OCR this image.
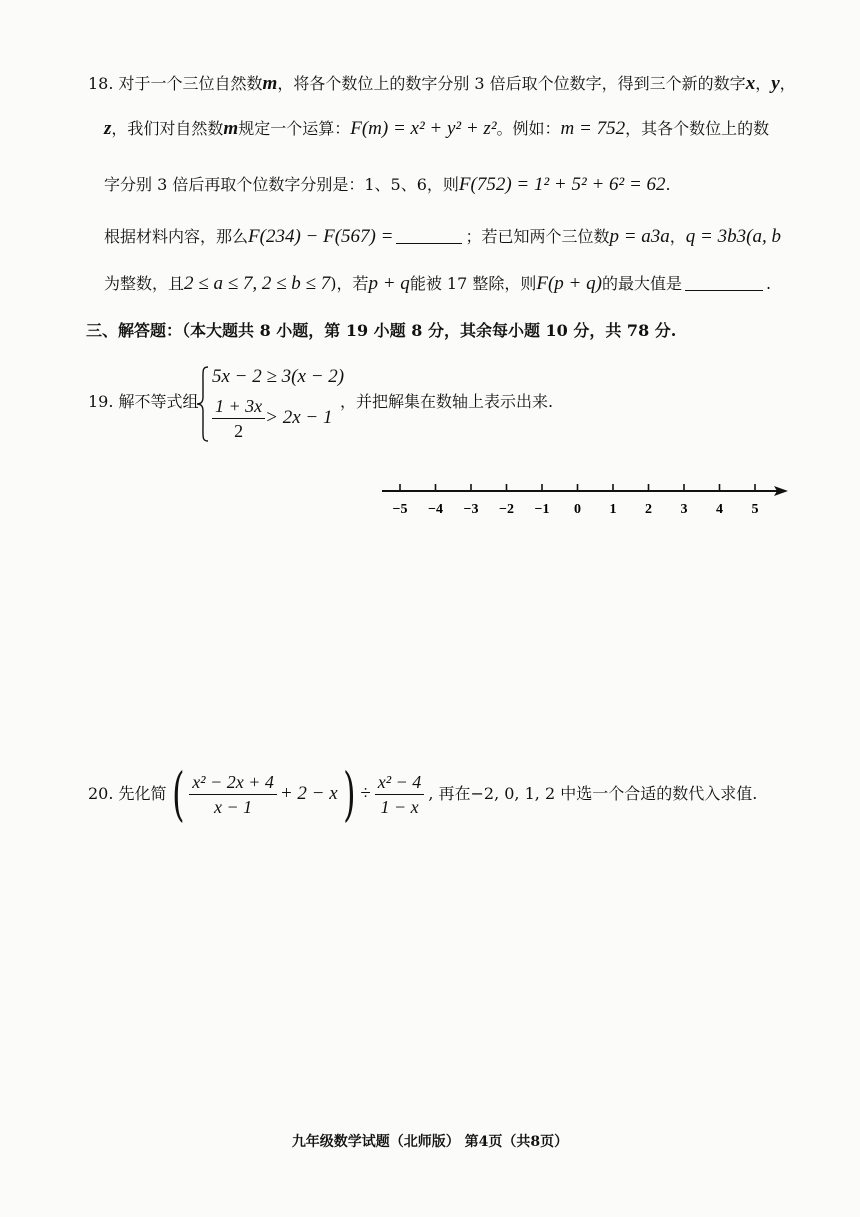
18. 对于一个三位自然数m，将各个数位上的数字分别 3 倍后取个位数字，得到三个新的数字x，y，
z，我们对自然数m规定一个运算：F(m) = x² + y² + z²。例如：m = 752，其各个数位上的数
字分别 3 倍后再取个位数字分别是：1、5、6，则F(752) = 1² + 5² + 6² = 62.
根据材料内容，那么F(234) − F(567) =	；若已知两个三位数p = a3a，q = 3b3(a, b
为整数，且2 ≤ a ≤ 7, 2 ≤ b ≤ 7)，若p + q能被 17 整除，则F(p + q)的最大值是	.
三、解答题：（本大题共 8 小题，第 19 小题 8 分，其余每小题 10 分，共 78 分.
19. 解不等式组
5x − 2 ≥ 3(x − 2)
$\frac{1 + 3x}{2} > 2x - 1$
，并把解集在数轴上表示出来.
−5 −4 −3 −2 −1 0 1 2 3 4 5
20. 先化简 ( $\frac{\text{x² − 2x + 4}}{x - 1} + 2 - x$ ) ÷ $\frac{\text{x² − 4}}{1 - x}$ , 再在−2, 0, 1, 2 中选一个合适的数代入求值.
九年级数学试题（北师版） 第4页（共8页）
